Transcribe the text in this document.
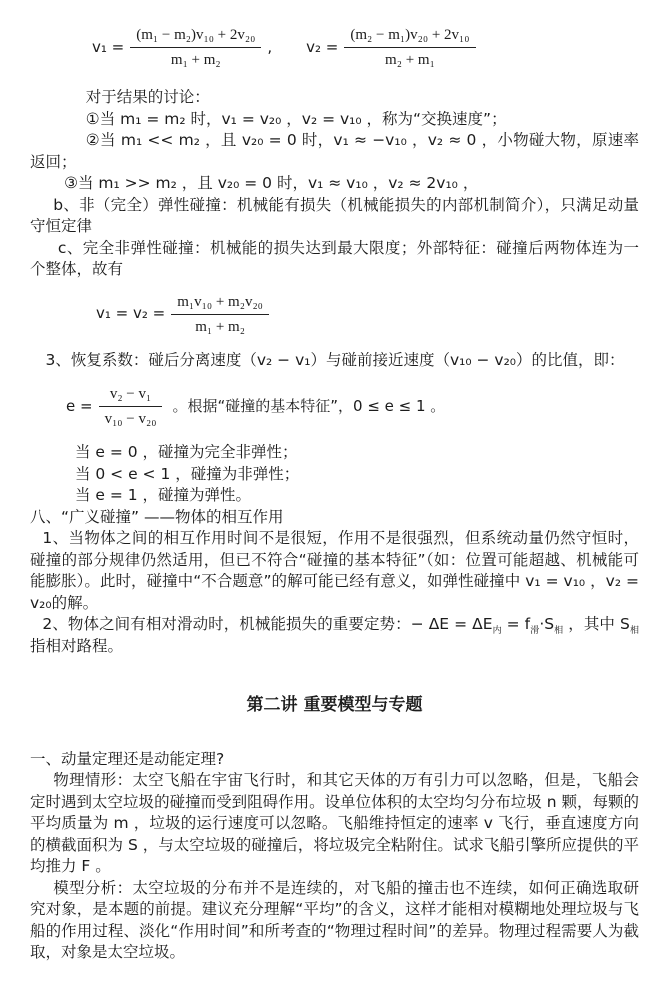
$v_1 = \frac{\text{(m₁ − m₂)v₁₀ + 2v₂₀}}{\text{m₁ + m₂}}$ , $v_2 = \frac{\text{(m₂ − m₁)v₂₀ + 2v₁₀}}{\text{m₂ + m₁}}$

对于结果的讨论：

①当 m₁ = m₂ 时，v₁ = v₂₀ ，v₂ = v₁₀ ，称为“交换速度”；

②当 m₁ << m₂ ，且 v₂₀ = 0 时，v₁ ≈ −v₁₀ ，v₂ ≈ 0 ，小物碰大物，原速率返回；

③当 m₁ >> m₂ ，且 v₂₀ = 0 时，v₁ ≈ v₁₀ ，v₂ ≈ 2v₁₀ ，

b、非（完全）弹性碰撞：机械能有损失（机械能损失的内部机制简介），只满足动量守恒定律

c、完全非弹性碰撞：机械能的损失达到最大限度；外部特征：碰撞后两物体连为一个整体，故有

$v_1 = v_2 = \frac{\text{m₁v₁₀ + m₂v₂₀}}{\text{m₁ + m₂}}$

3、恢复系数：碰后分离速度（v₂ − v₁）与碰前接近速度（v₁₀ − v₂₀）的比值，即：

$e = \frac{\text{v₂ − v₁}}{\text{v₁₀ − v₂₀}}$ 。根据“碰撞的基本特征”，0 ≤ e ≤ 1 。

当 e = 0 ，碰撞为完全非弹性；

当 0 < e < 1 ，碰撞为非弹性；

当 e = 1 ，碰撞为弹性。

八、“广义碰撞” ——物体的相互作用

1、当物体之间的相互作用时间不是很短，作用不是很强烈，但系统动量仍然守恒时，碰撞的部分规律仍然适用，但已不符合“碰撞的基本特征”（如：位置可能超越、机械能可能膨胀）。此时，碰撞中“不合题意”的解可能已经有意义，如弹性碰撞中 v₁ = v₁₀ ，v₂ = v₂₀的解。

2、物体之间有相对滑动时，机械能损失的重要定势：− $\Delta E = \Delta E_内 = f_滑\cdot S_相$ ，其中 $S_相$指相对路程。

第二讲 重要模型与专题

一、动量定理还是动能定理?

物理情形：太空飞船在宇宙飞行时，和其它天体的万有引力可以忽略，但是，飞船会定时遇到太空垃圾的碰撞而受到阻碍作用。设单位体积的太空均匀分布垃圾 n 颗，每颗的平均质量为 m ，垃圾的运行速度可以忽略。飞船维持恒定的速率 v 飞行，垂直速度方向的横截面积为 S ，与太空垃圾的碰撞后，将垃圾完全粘附住。试求飞船引擎所应提供的平均推力 F 。

模型分析：太空垃圾的分布并不是连续的，对飞船的撞击也不连续，如何正确选取研究对象，是本题的前提。建议充分理解“平均”的含义，这样才能相对模糊地处理垃圾与飞船的作用过程、淡化“作用时间”和所考查的“物理过程时间”的差异。物理过程需要人为截取，对象是太空垃圾。
